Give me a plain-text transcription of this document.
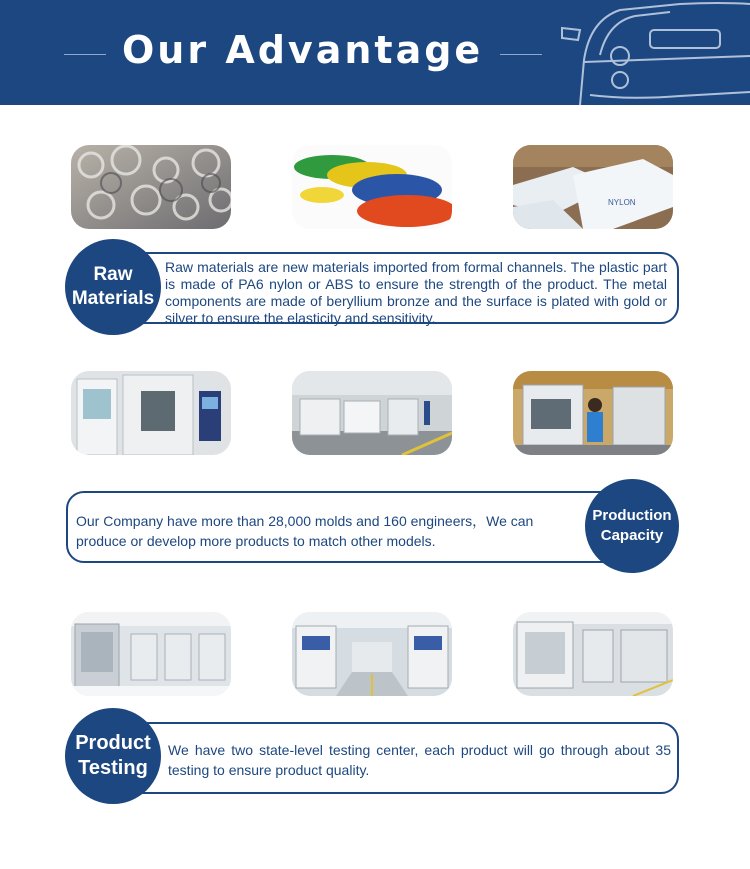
Our Advantage
NYLON
Raw materials are new materials imported from formal channels. The plastic part is made of PA6 nylon or ABS to ensure the strength of the product. The metal components are made of beryllium bronze and the surface is plated with gold or silver to ensure the elasticity and sensitivity.
Raw
Materials
Our Company have more than 28,000 molds and 160 engineers，We can produce or develop more products to match other models.
Production
Capacity
We have two state-level testing center, each product will go through about 35 testing to ensure product quality.
Product
Testing
